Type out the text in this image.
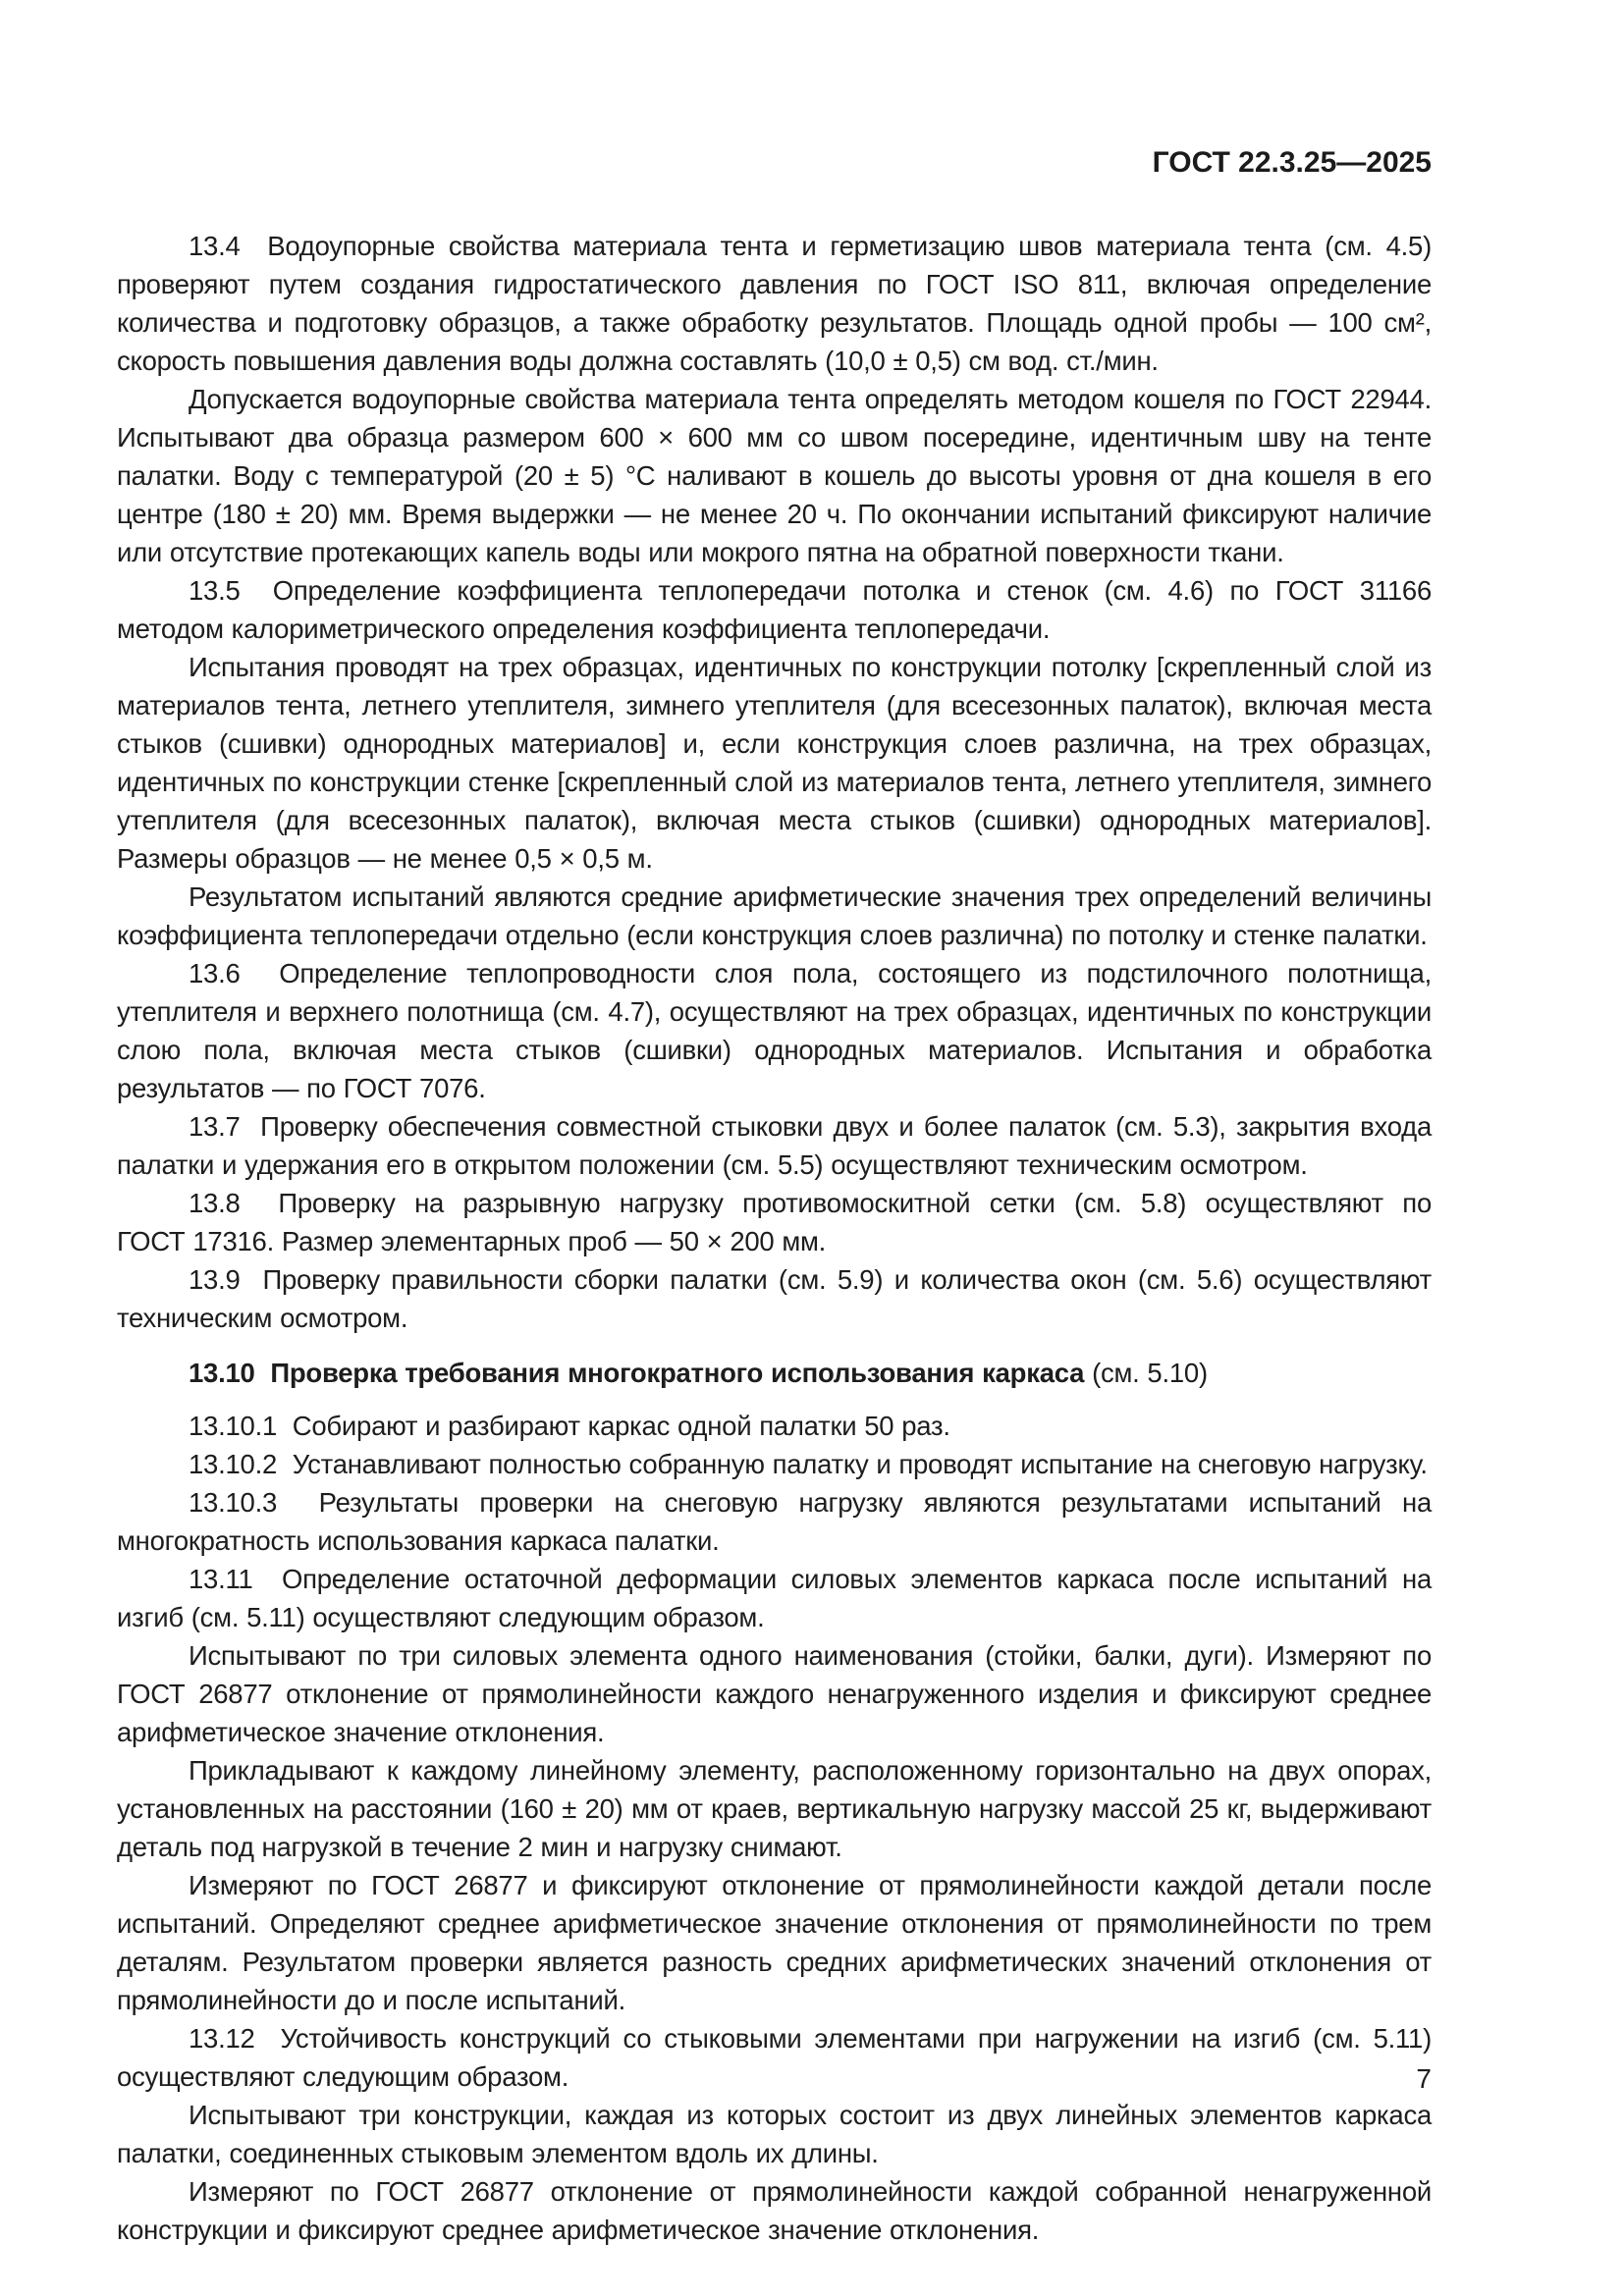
ГОСТ 22.3.25—2025

13.4  Водоупорные свойства материала тента и герметизацию швов материала тента (см. 4.5) проверяют путем создания гидростатического давления по ГОСТ ISO 811, включая определение количества и подготовку образцов, а также обработку результатов. Площадь одной пробы — 100 см², скорость повышения давления воды должна составлять (10,0 ± 0,5) см вод. ст./мин.

Допускается водоупорные свойства материала тента определять методом кошеля по ГОСТ 22944. Испытывают два образца размером 600 × 600 мм со швом посередине, идентичным шву на тенте палатки. Воду с температурой (20 ± 5) °С наливают в кошель до высоты уровня от дна кошеля в его центре (180 ± 20) мм. Время выдержки — не менее 20 ч. По окончании испытаний фиксируют наличие или отсутствие протекающих капель воды или мокрого пятна на обратной поверхности ткани.

13.5  Определение коэффициента теплопередачи потолка и стенок (см. 4.6) по ГОСТ 31166 методом калориметрического определения коэффициента теплопередачи.

Испытания проводят на трех образцах, идентичных по конструкции потолку [скрепленный слой из материалов тента, летнего утеплителя, зимнего утеплителя (для всесезонных палаток), включая места стыков (сшивки) однородных материалов] и, если конструкция слоев различна, на трех образцах, идентичных по конструкции стенке [скрепленный слой из материалов тента, летнего утеплителя, зимнего утеплителя (для всесезонных палаток), включая места стыков (сшивки) однородных материалов]. Размеры образцов — не менее 0,5 × 0,5 м.

Результатом испытаний являются средние арифметические значения трех определений величины коэффициента теплопередачи отдельно (если конструкция слоев различна) по потолку и стенке палатки.

13.6  Определение теплопроводности слоя пола, состоящего из подстилочного полотнища, утеплителя и верхнего полотнища (см. 4.7), осуществляют на трех образцах, идентичных по конструкции слою пола, включая места стыков (сшивки) однородных материалов. Испытания и обработка результатов — по ГОСТ 7076.

13.7  Проверку обеспечения совместной стыковки двух и более палаток (см. 5.3), закрытия входа палатки и удержания его в открытом положении (см. 5.5) осуществляют техническим осмотром.

13.8  Проверку на разрывную нагрузку противомоскитной сетки (см. 5.8) осуществляют по ГОСТ 17316. Размер элементарных проб — 50 × 200 мм.

13.9  Проверку правильности сборки палатки (см. 5.9) и количества окон (см. 5.6) осуществляют техническим осмотром.

13.10  Проверка требования многократного использования каркаса (см. 5.10)

13.10.1  Собирают и разбирают каркас одной палатки 50 раз.

13.10.2  Устанавливают полностью собранную палатку и проводят испытание на снеговую нагрузку.

13.10.3  Результаты проверки на снеговую нагрузку являются результатами испытаний на многократность использования каркаса палатки.

13.11  Определение остаточной деформации силовых элементов каркаса после испытаний на изгиб (см. 5.11) осуществляют следующим образом.

Испытывают по три силовых элемента одного наименования (стойки, балки, дуги). Измеряют по ГОСТ 26877 отклонение от прямолинейности каждого ненагруженного изделия и фиксируют среднее арифметическое значение отклонения.

Прикладывают к каждому линейному элементу, расположенному горизонтально на двух опорах, установленных на расстоянии (160 ± 20) мм от краев, вертикальную нагрузку массой 25 кг, выдерживают деталь под нагрузкой в течение 2 мин и нагрузку снимают.

Измеряют по ГОСТ 26877 и фиксируют отклонение от прямолинейности каждой детали после испытаний. Определяют среднее арифметическое значение отклонения от прямолинейности по трем деталям. Результатом проверки является разность средних арифметических значений отклонения от прямолинейности до и после испытаний.

13.12  Устойчивость конструкций со стыковыми элементами при нагружении на изгиб (см. 5.11) осуществляют следующим образом.

Испытывают три конструкции, каждая из которых состоит из двух линейных элементов каркаса палатки, соединенных стыковым элементом вдоль их длины.

Измеряют по ГОСТ 26877 отклонение от прямолинейности каждой собранной ненагруженной конструкции и фиксируют среднее арифметическое значение отклонения.

7
